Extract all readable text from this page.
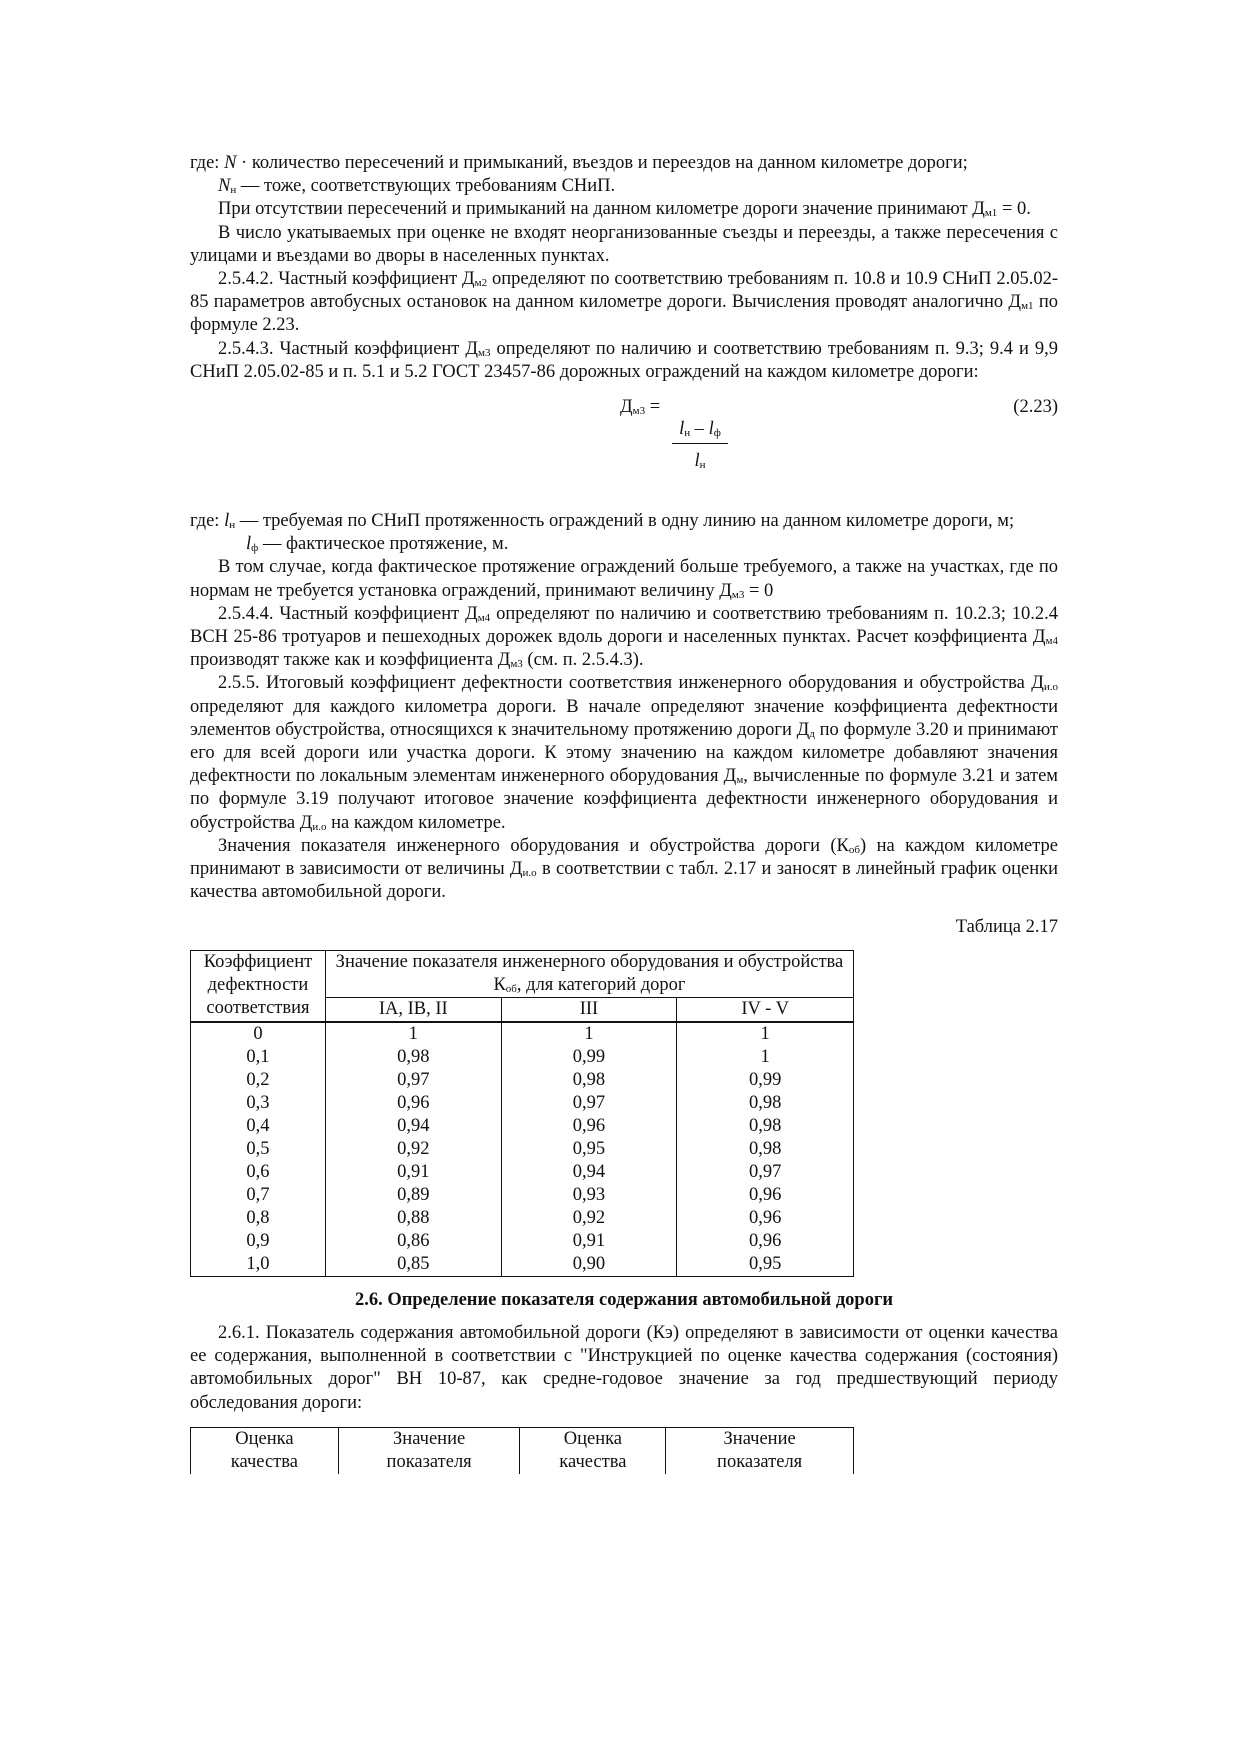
где: N · количество пересечений и примыканий, въездов и переездов на данном километре дороги;

$N_н$ — тоже, соответствующих требованиям СНиП.

При отсутствии пересечений и примыканий на данном километре дороги значение принимают $Д_{м1} = 0$.

В число укатываемых при оценке не входят неорганизованные съезды и переезды, а также пересечения с улицами и въездами во дворы в населенных пунктах.

2.5.4.2. Частный коэффициент $Д_{м2}$ определяют по соответствию требованиям п. 10.8 и 10.9 СНиП 2.05.02-85 параметров автобусных остановок на данном километре дороги. Вычисления проводят аналогично $Д_{м1}$ по формуле 2.23.

2.5.4.3. Частный коэффициент $Д_{м3}$ определяют по наличию и соответствию требованиям п. 9.3; 9.4 и 9,9 СНиП 2.05.02-85 и п. 5.1 и 5.2 ГОСТ 23457-86 дорожных ограждений на каждом километре дороги:

$Д_{м3}$ =
$l_н - l_ф$
$l_н$
(2.23)

где: $l_н$ — требуемая по СНиП протяженность ограждений в одну линию на данном километре дороги, м;

$l_ф$ — фактическое протяжение, м.

В том случае, когда фактическое протяжение ограждений больше требуемого, а также на участках, где по нормам не требуется установка ограждений, принимают величину $Д_{м3} = 0$

2.5.4.4. Частный коэффициент $Д_{м4}$ определяют по наличию и соответствию требованиям п. 10.2.3; 10.2.4 ВСН 25-86 тротуаров и пешеходных дорожек вдоль дороги и населенных пунктах. Расчет коэффициента $Д_{м4}$ производят также как и коэффициента $Д_{м3}$ (см. п. 2.5.4.3).

2.5.5. Итоговый коэффициент дефектности соответствия инженерного оборудования и обустройства $Д_{и.о}$ определяют для каждого километра дороги. В начале определяют значение коэффициента дефектности элементов обустройства, относящихся к значительному протяжению дороги $Д_д$ по формуле 3.20 и принимают его для всей дороги или участка дороги. К этому значению на каждом километре добавляют значения дефектности по локальным элементам инженерного оборудования $Д_м$, вычисленные по формуле 3.21 и затем по формуле 3.19 получают итоговое значение коэффициента дефектности инженерного оборудования и обустройства $Д_{и.о}$ на каждом километре.

Значения показателя инженерного оборудования и обустройства дороги $(К_{об})$ на каждом километре принимают в зависимости от величины $Д_{и.о}$ в соответствии с табл. 2.17 и заносят в линейный график оценки качества автомобильной дороги.

Таблица 2.17
Коэффициент
дефектности
соответствия	Значение показателя инженерного оборудования и обустройства $К_{об}$, для категорий дорог		
	IA, IB, II	III	IV - V
0	1	1	1
0,1	0,98	0,99	1
0,2	0,97	0,98	0,99
0,3	0,96	0,97	0,98
0,4	0,94	0,96	0,98
0,5	0,92	0,95	0,98
0,6	0,91	0,94	0,97
0,7	0,89	0,93	0,96
0,8	0,88	0,92	0,96
0,9	0,86	0,91	0,96
1,0	0,85	0,90	0,95
2.6. Определение показателя содержания автомобильной дороги

2.6.1. Показатель содержания автомобильной дороги (Кэ) определяют в зависимости от оценки качества ее содержания, выполненной в соответствии с "Инструкцией по оценке качества содержания (состояния) автомобильных дорог" ВН 10-87, как средне-годовое значение за год предшествующий периоду обследования дороги:

Оценка
качества	Значение
показателя	Оценка
качества	Значение
показателя
